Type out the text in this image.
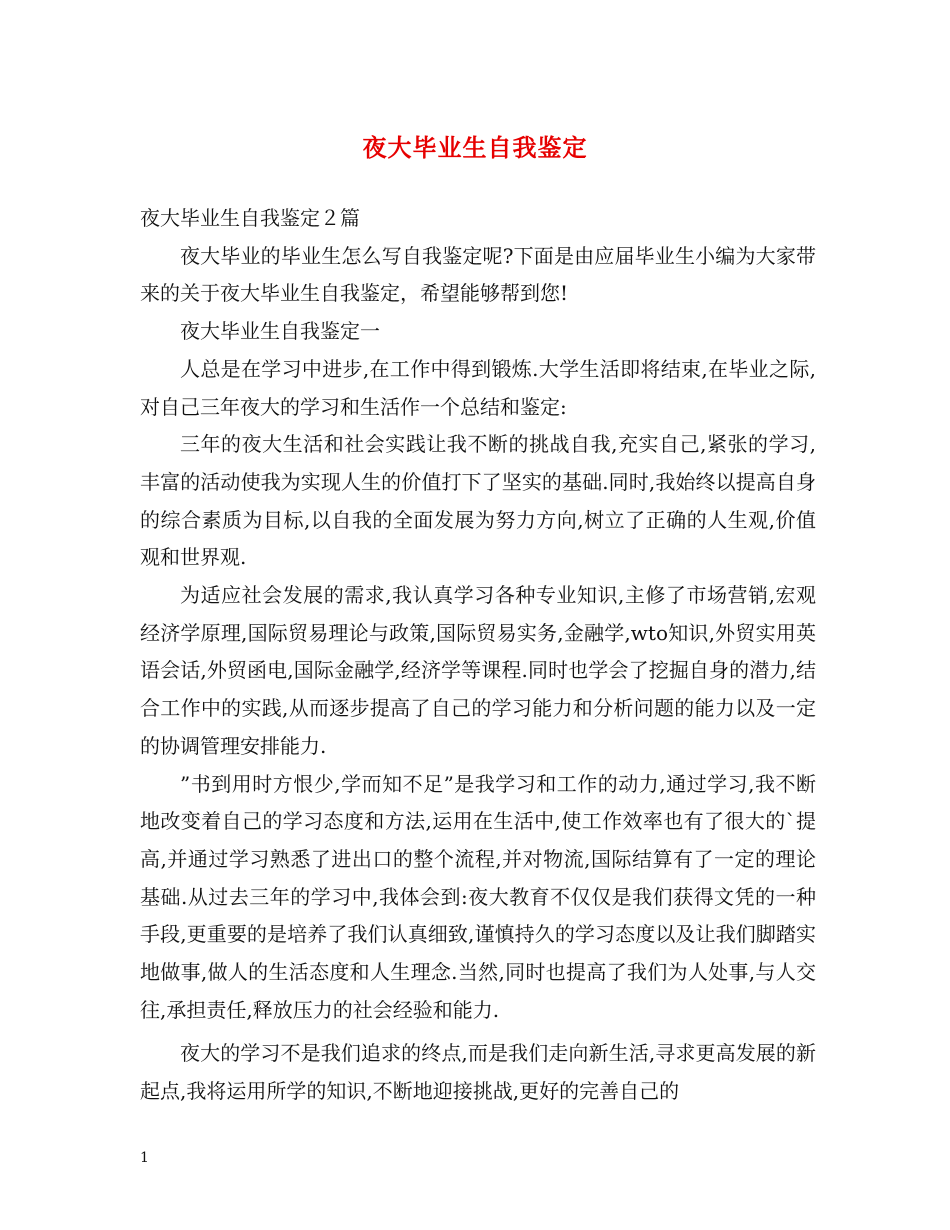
夜大毕业生自我鉴定

夜大毕业生自我鉴定２篇

夜大毕业的毕业生怎么写自我鉴定呢?下面是由应届毕业生小编为大家带来的关于夜大毕业生自我鉴定，希望能够帮到您!

夜大毕业生自我鉴定一

人总是在学习中进步,在工作中得到锻炼.大学生活即将结束,在毕业之际,对自己三年夜大的学习和生活作一个总结和鉴定:

三年的夜大生活和社会实践让我不断的挑战自我,充实自己,紧张的学习,丰富的活动使我为实现人生的价值打下了坚实的基础.同时,我始终以提高自身的综合素质为目标,以自我的全面发展为努力方向,树立了正确的人生观,价值观和世界观.

为适应社会发展的需求,我认真学习各种专业知识,主修了市场营销,宏观经济学原理,国际贸易理论与政策,国际贸易实务,金融学,wto知识,外贸实用英语会话,外贸函电,国际金融学,经济学等课程.同时也学会了挖掘自身的潜力,结合工作中的实践,从而逐步提高了自己的学习能力和分析问题的能力以及一定的协调管理安排能力.

”书到用时方恨少,学而知不足”是我学习和工作的动力,通过学习,我不断地改变着自己的学习态度和方法,运用在生活中,使工作效率也有了很大的`提高,并通过学习熟悉了进出口的整个流程,并对物流,国际结算有了一定的理论基础.从过去三年的学习中,我体会到:夜大教育不仅仅是我们获得文凭的一种手段,更重要的是培养了我们认真细致,谨慎持久的学习态度以及让我们脚踏实地做事,做人的生活态度和人生理念.当然,同时也提高了我们为人处事,与人交往,承担责任,释放压力的社会经验和能力.

夜大的学习不是我们追求的终点,而是我们走向新生活,寻求更高发展的新起点,我将运用所学的知识,不断地迎接挑战,更好的完善自己的

1
